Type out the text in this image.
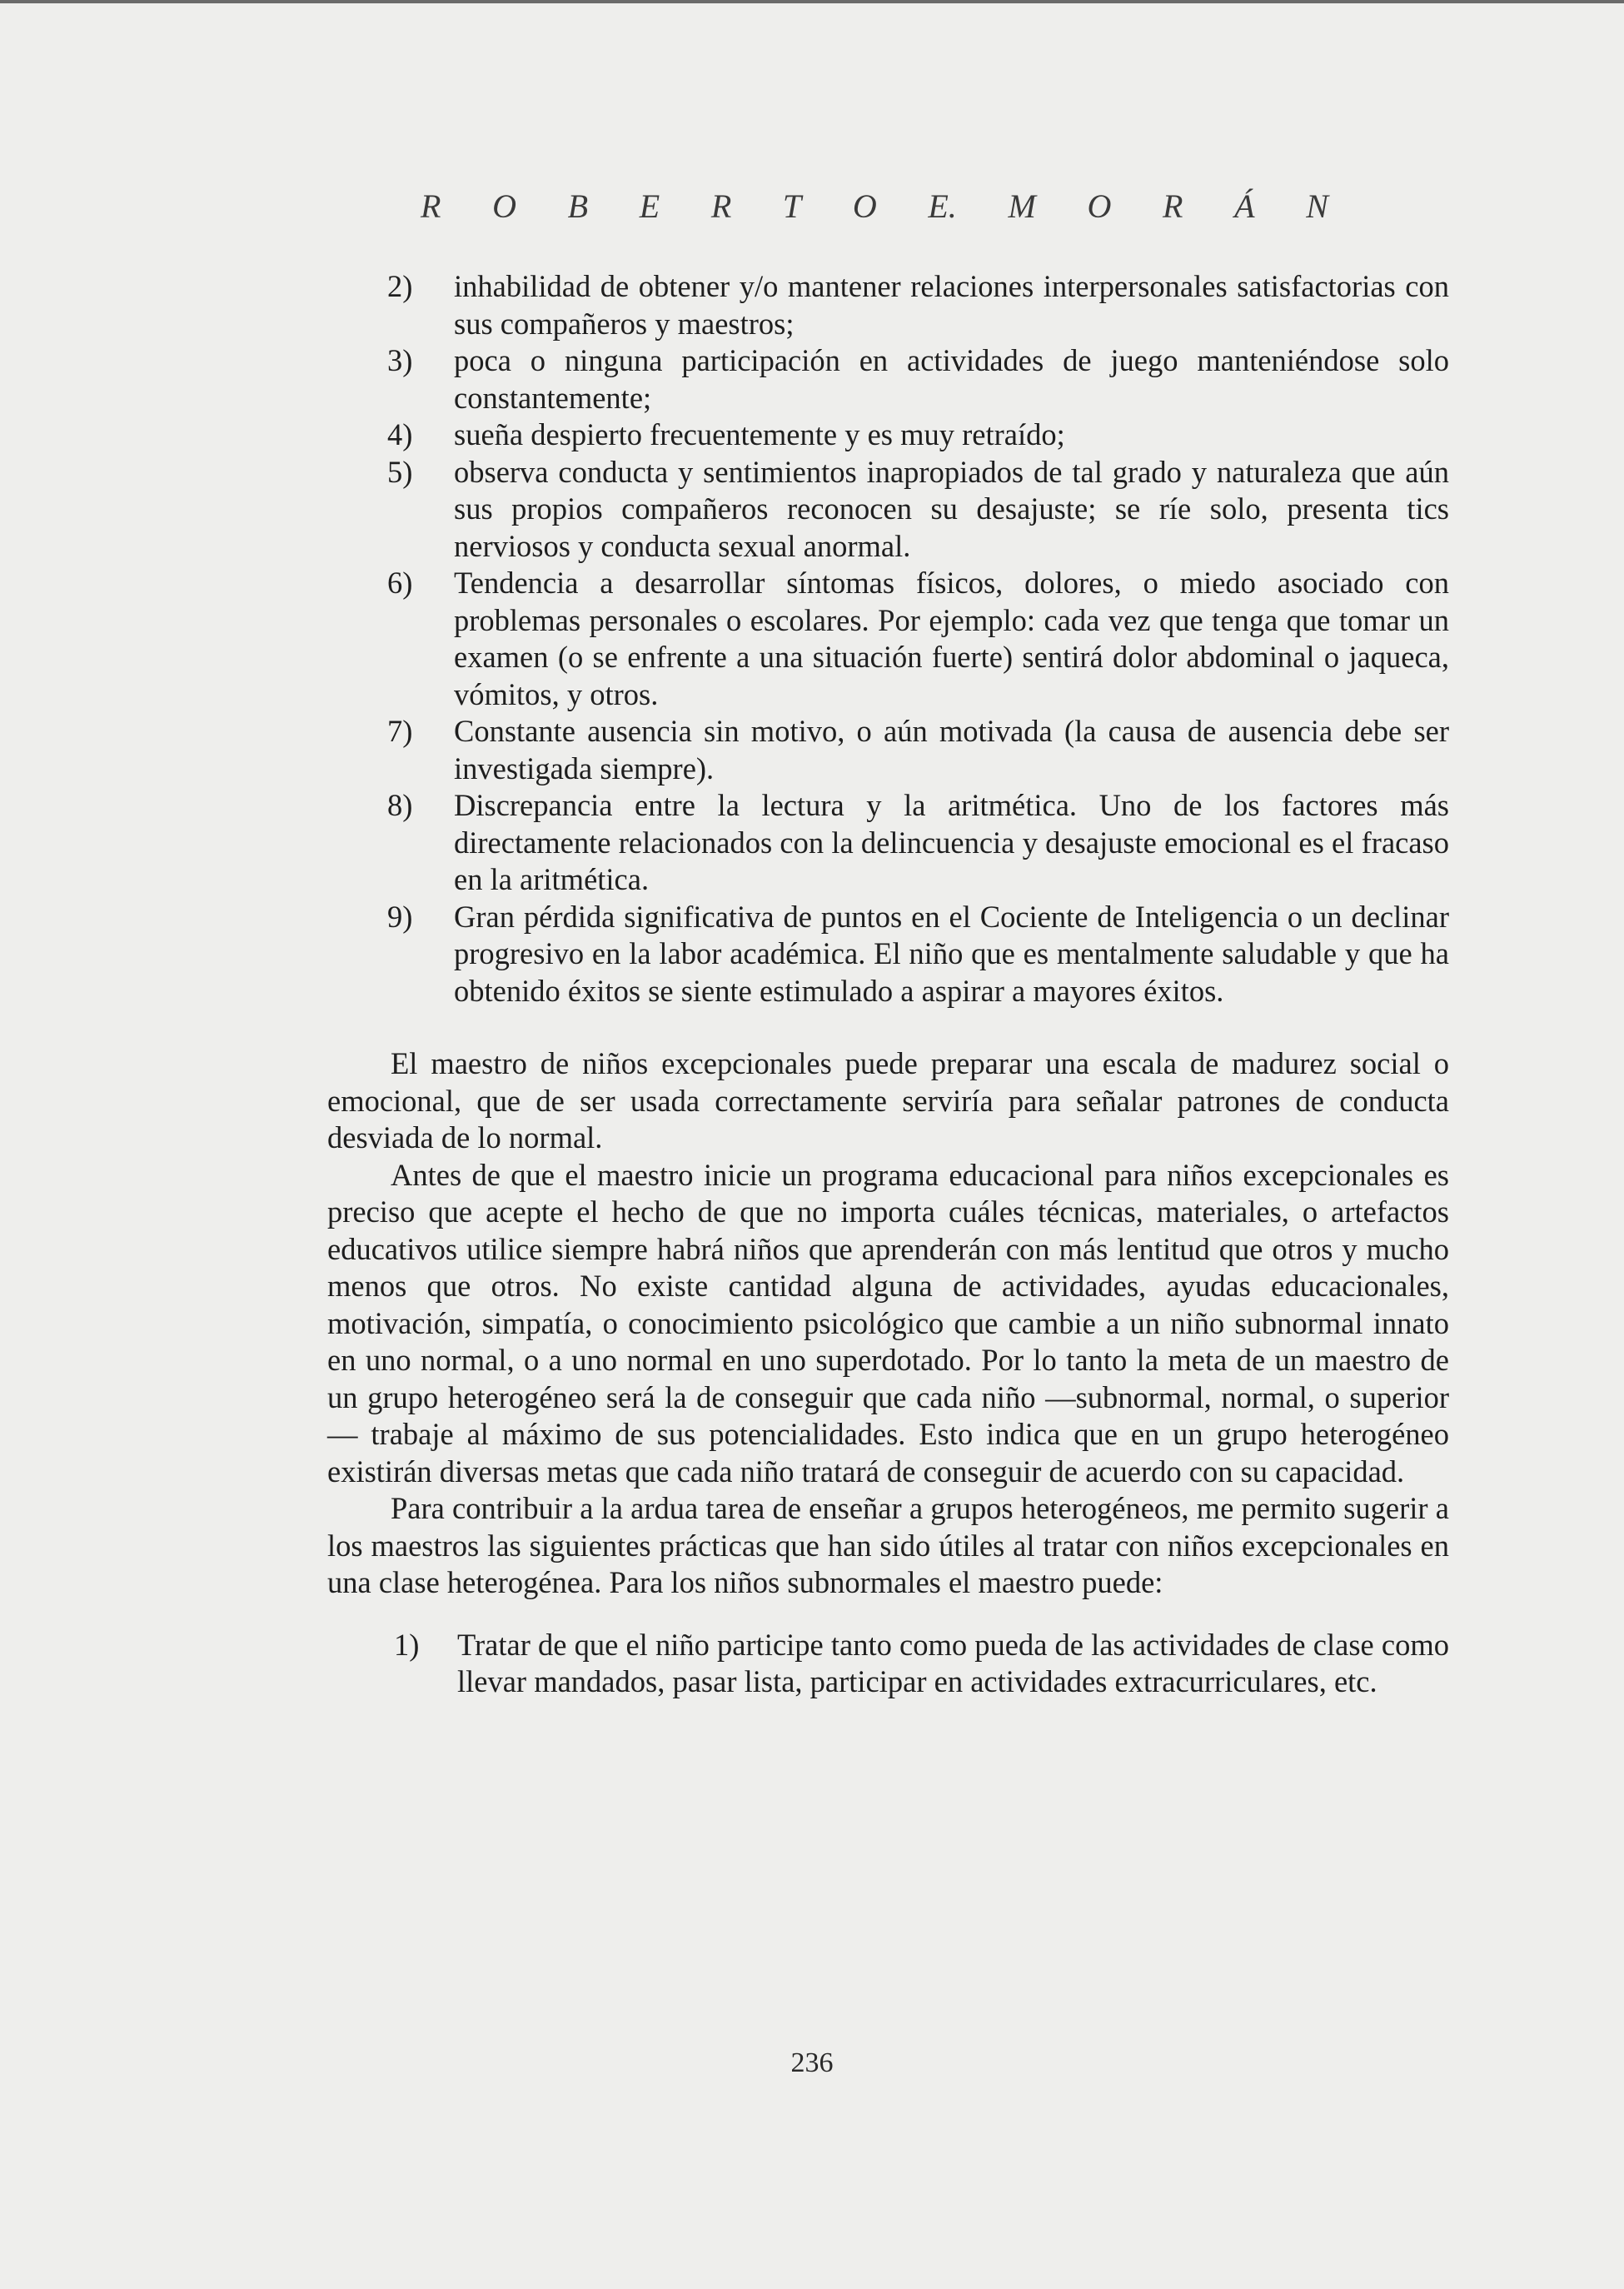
R O B E R T O E. M O R Á N
2) inhabilidad de obtener y/o mantener relaciones interpersonales satisfactorias con sus compañeros y maestros;
3) poca o ninguna participación en actividades de juego manteniéndose solo constantemente;
4) sueña despierto frecuentemente y es muy retraído;
5) observa conducta y sentimientos inapropiados de tal grado y naturaleza que aún sus propios compañeros reconocen su desajuste; se ríe solo, presenta tics nerviosos y conducta sexual anormal.
6) Tendencia a desarrollar síntomas físicos, dolores, o miedo asociado con problemas personales o escolares. Por ejemplo: cada vez que tenga que tomar un examen (o se enfrente a una situación fuerte) sentirá dolor abdominal o jaqueca, vómitos, y otros.
7) Constante ausencia sin motivo, o aún motivada (la causa de ausencia debe ser investigada siempre).
8) Discrepancia entre la lectura y la aritmética. Uno de los factores más directamente relacionados con la delincuencia y desajuste emocional es el fracaso en la aritmética.
9) Gran pérdida significativa de puntos en el Cociente de Inteligencia o un declinar progresivo en la labor académica. El niño que es mentalmente saludable y que ha obtenido éxitos se siente estimulado a aspirar a mayores éxitos.

El maestro de niños excepcionales puede preparar una escala de madurez social o emocional, que de ser usada correctamente serviría para señalar patrones de conducta desviada de lo normal.

Antes de que el maestro inicie un programa educacional para niños excepcionales es preciso que acepte el hecho de que no importa cuáles técnicas, materiales, o artefactos educativos utilice siempre habrá niños que aprenderán con más lentitud que otros y mucho menos que otros. No existe cantidad alguna de actividades, ayudas educacionales, motivación, simpatía, o conocimiento psicológico que cambie a un niño subnormal innato en uno normal, o a uno normal en uno superdotado. Por lo tanto la meta de un maestro de un grupo heterogéneo será la de conseguir que cada niño —subnormal, normal, o superior— trabaje al máximo de sus potencialidades. Esto indica que en un grupo heterogéneo existirán diversas metas que cada niño tratará de conseguir de acuerdo con su capacidad.

Para contribuir a la ardua tarea de enseñar a grupos heterogéneos, me permito sugerir a los maestros las siguientes prácticas que han sido útiles al tratar con niños excepcionales en una clase heterogénea. Para los niños subnormales el maestro puede:

1) Tratar de que el niño participe tanto como pueda de las actividades de clase como llevar mandados, pasar lista, participar en actividades extracurriculares, etc.
236
